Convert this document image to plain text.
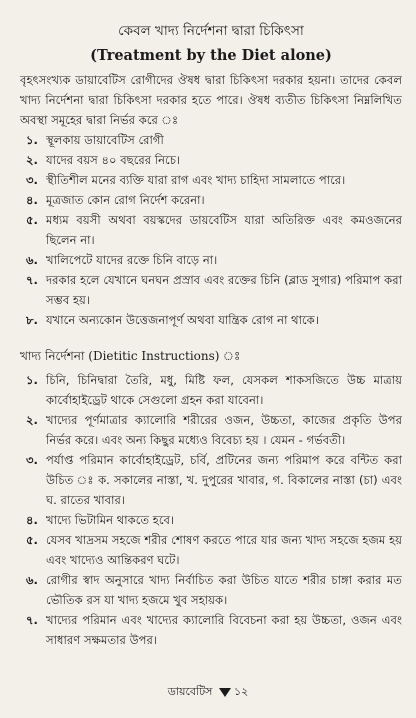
কেবল খাদ্য নির্দেশনা দ্বারা চিকিৎসা
(Treatment by the Diet alone)
বৃহৎসংখ্যক ডায়াবেটিস রোগীদের ঔষধ দ্বারা চিকিৎসা দরকার হয়না। তাদের কেবল খাদ্য নির্দেশনা দ্বারা চিকিৎসা দরকার হতে পারে। ঔষধ ব্যতীত চিকিৎসা নিম্নলিখিত অবস্থা সমূহের দ্বারা নির্ভর করে ঃ
১. স্থূলকায় ডায়াবেটিস রোগী
২. যাদের বয়স ৪০ বছরের নিচে।
৩. স্থীতিশীল মনের ব্যক্তি যারা রাগ এবং খাদ্য চাহিদা সামলাতে পারে।
৪. মূত্রজাত কোন রোগ নির্দেশ করেনা।
৫. মধ্যম বয়সী অথবা বয়স্কদের ডায়বেটিস যারা অতিরিক্ত এবং কমওজনের ছিলেন না।
৬. খালিপেটে যাদের রক্তে চিনি বাড়ে না।
৭. দরকার হলে যেখানে ঘনঘন প্রস্রাব এবং রক্তের চিনি (ব্লাড সুগার) পরিমাপ করা সম্ভব হয়।
৮. যখানে অন্যকোন উত্তেজনাপূর্ণ অথবা যান্ত্রিক রোগ না থাকে।
খাদ্য নির্দেশনা (Dietitic Instructions) ঃ
১. চিনি, চিনিদ্বারা তৈরি, মধু, মিষ্টি ফল, যেসকল শাকসজিতে উচ্চ মাত্রায় কার্বোহাইড্রেট থাকে সেগুলো গ্রহন করা যাবেনা।
২. খাদ্যের পূর্ণমাত্রার ক্যালোরি শরীরের ওজন, উচ্চতা, কাজের প্রকৃতি উপর নির্ভর করে। এবং অন্য কিছুর মধ্যেও বিবেচ্য হয় । যেমন - গর্ভবতী।
৩. পর্যাপ্ত পরিমান কার্বোহাইড্রেট, চর্বি, প্রটিনের জন্য পরিমাপ করে বন্টিত করা উচিত ঃ ক. সকালের নাস্তা, খ. দুপুরের খাবার, গ. বিকালের নাস্তা (চা) এবং ঘ. রাতের খাবার।
৪. খাদ্যে ভিটামিন থাকতে হবে।
৫. যেসব খাদ্রসম সহজে শরীর শোষণ করতে পারে যার জন্য খাদ্য সহজে হজম হয় এবং খাদ্যেও আন্তিকরণ ঘটে।
৬. রোগীর স্বাদ অনুসারে খাদ্য নির্বাচিত করা উচিত যাতে শরীর চাঙ্গা করার মত ভৌতিক রস যা খাদ্য হজমে খুব সহায়ক।
৭. খাদ্যের পরিমান এবং খাদ্যের ক্যালোরি বিবেচনা করা হয় উচ্চতা, ওজন এবং সাধারণ সক্ষমতার উপর।
ডায়বেটিস ১২
